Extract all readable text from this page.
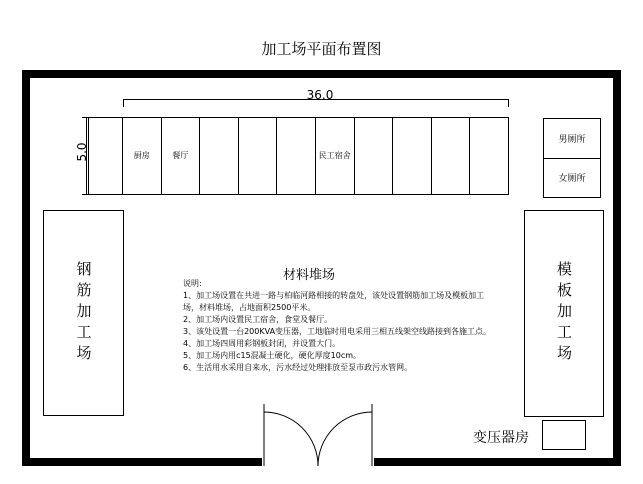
加工场平面布置图
36.0
5.0	厨房	餐厅	民工宿舍
男厕所
女厕所
钢筋加工场	模板加工场
材料堆场
说明:
1、加工场设置在共进一路与柏临河路相接的转盘处，该处设置钢筋加工场及模板加工场，材料堆场，占地面积2500平米。
2、加工场内设置民工宿舍，食堂及餐厅。
3、该处设置一台200KVA变压器，工地临时用电采用三相五线架空线路接到各施工点。
4、加工场四周用彩钢板封闭，并设置大门。
5、加工场内用c15混凝土硬化，硬化厚度10cm。
6、生活用水采用自来水，污水经过处理排放至泵市政污水管网。
变压器房
